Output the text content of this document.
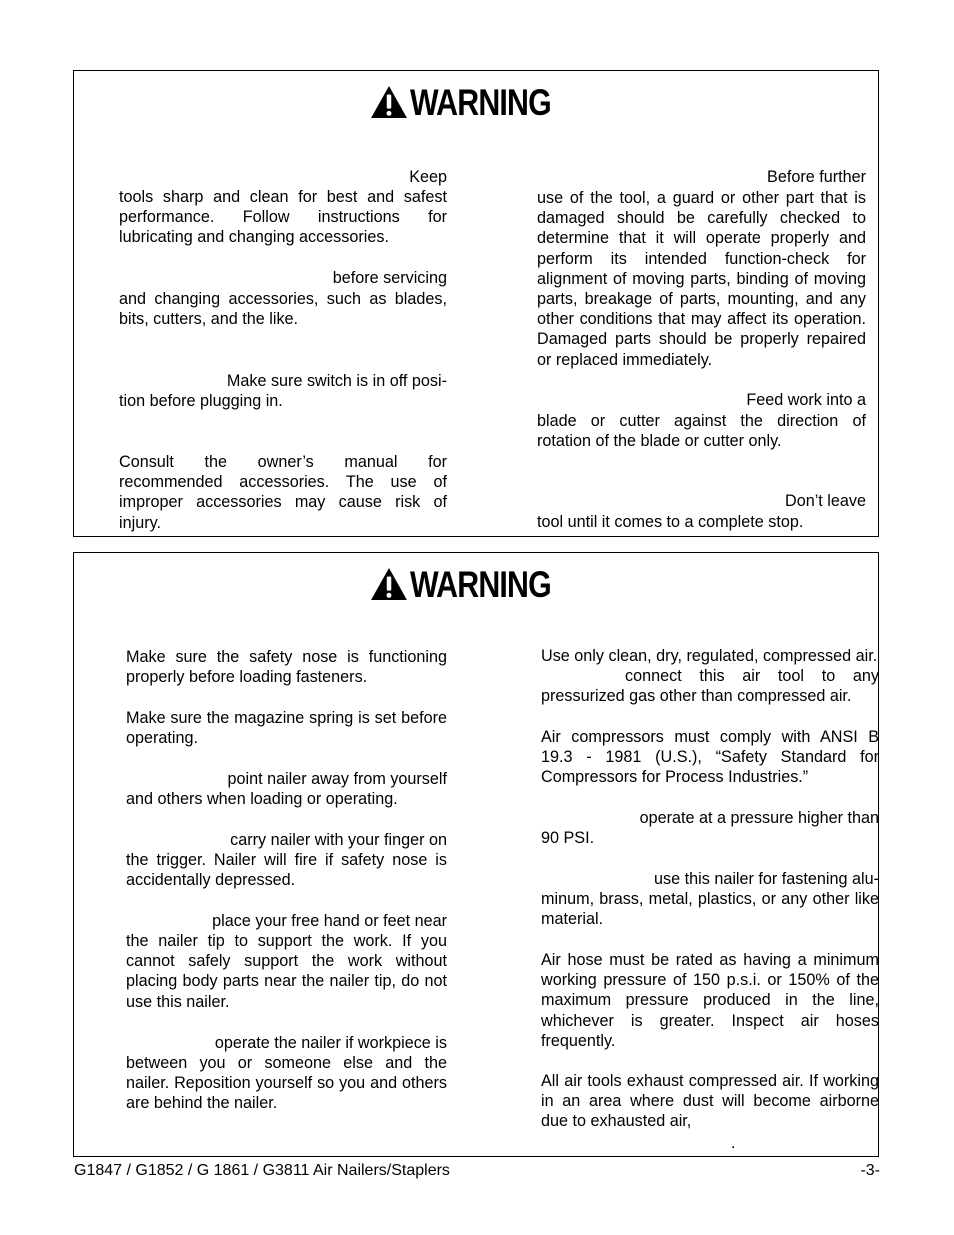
WARNING
Keep
tools sharp and clean for best and safest performance. Follow instructions for lubricating and changing accessories.
before servicing
and changing accessories, such as blades, bits, cutters, and the like.
Make sure switch is in off posi-
tion before plugging in.
Consult the owner’s manual for recommended accessories. The use of improper accessories may cause risk of injury.
Before further
use of the tool, a guard or other part that is damaged should be carefully checked to determine that it will operate properly and perform its intended function-check for alignment of moving parts, binding of moving parts, breakage of parts, mounting, and any other conditions that may affect its operation. Damaged parts should be properly repaired or replaced immediately.
Feed work into a
blade or cutter against the direction of rotation of the blade or cutter only.
Don’t leave
tool until it comes to a complete stop.
WARNING
Make sure the safety nose is functioning properly before loading fasteners.
Make sure the magazine spring is set before operating.
point nailer away from yourself
and others when loading or operating.
carry nailer with your finger on
the trigger. Nailer will fire if safety nose is accidentally depressed.
place your free hand or feet near
the nailer tip to support the work. If you cannot safely support the work without placing body parts near the nailer tip, do not use this nailer.
operate the nailer if workpiece is
between you or someone else and the nailer. Reposition yourself so you and others are behind the nailer.
Use only clean, dry, regulated, compressed air.
connect this air tool to any pressurized gas other than compressed air.
Air compressors must comply with ANSI B 19.3 - 1981 (U.S.), “Safety Standard for Compressors for Process Industries.”
operate at a pressure higher than
90 PSI.
use this nailer for fastening alu-
minum, brass, metal, plastics, or any other like material.
Air hose must be rated as having a minimum working pressure of 150 p.s.i. or 150% of the maximum pressure produced in the line, whichever is greater. Inspect air hoses frequently.
All air tools exhaust compressed air. If working in an area where dust will become airborne due to exhausted air,
.
G1847 / G1852 / G 1861 / G3811 Air Nailers/Staplers	-3-
